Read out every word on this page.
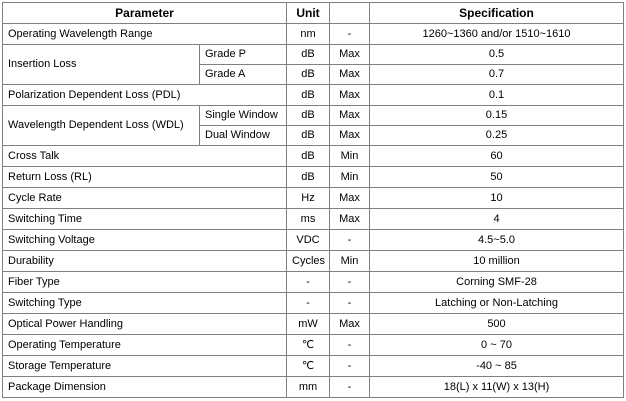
Parameter		Unit		Specification
Operating Wavelength Range		nm	-	1260~1360 and/or 1510~1610
Insertion Loss	Grade P	dB	Max	0.5
	Grade A	dB	Max	0.7
Polarization Dependent Loss (PDL)		dB	Max	0.1
Wavelength Dependent Loss (WDL)	Single Window	dB	Max	0.15
	Dual Window	dB	Max	0.25
Cross Talk		dB	Min	60
Return Loss (RL)		dB	Min	50
Cycle Rate		Hz	Max	10
Switching Time		ms	Max	4
Switching Voltage		VDC	-	4.5~5.0
Durability		Cycles	Min	10 million
Fiber Type		-	-	Corning SMF-28
Switching Type		-	-	Latching or Non-Latching
Optical Power Handling		mW	Max	500
Operating Temperature		℃	-	0 ~ 70
Storage Temperature		℃	-	-40 ~ 85
Package Dimension		mm	-	18(L) x 11(W) x 13(H)
